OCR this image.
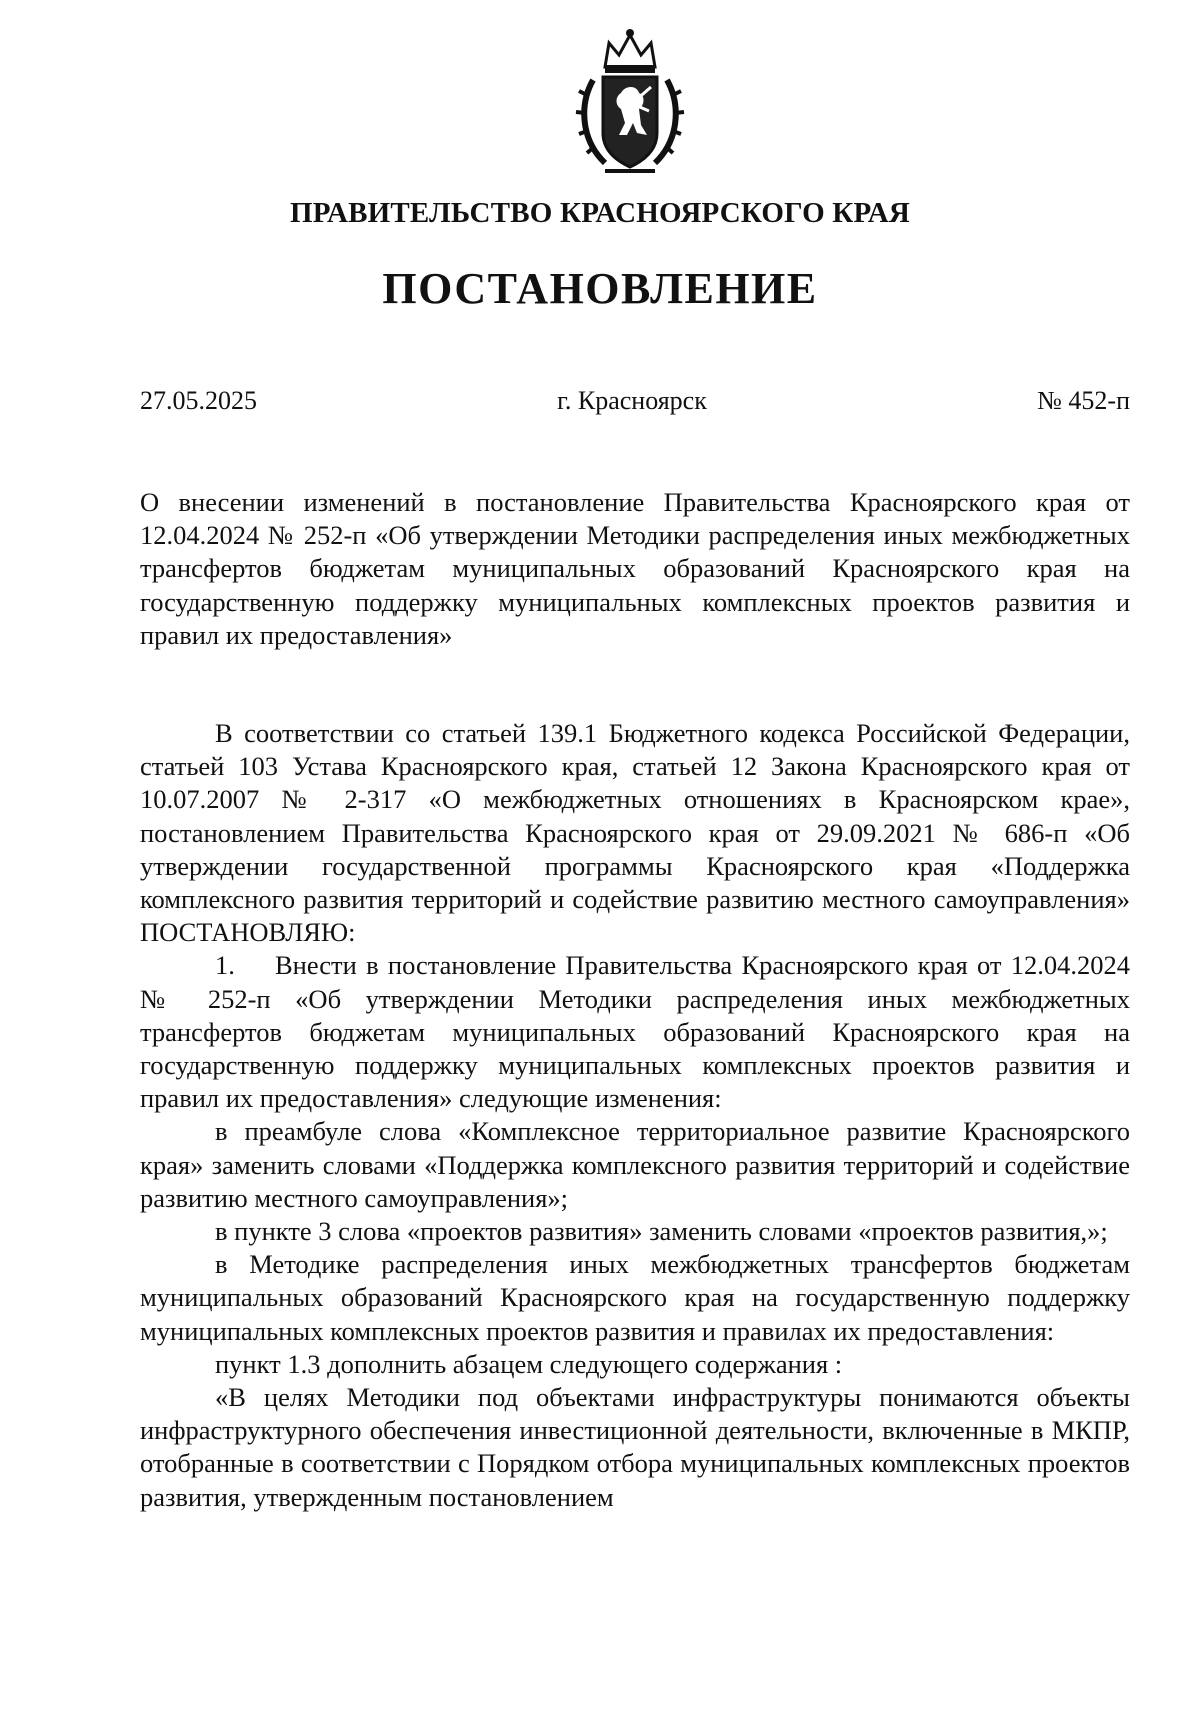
ПРАВИТЕЛЬСТВО КРАСНОЯРСКОГО КРАЯ
ПОСТАНОВЛЕНИЕ
27.05.2025	г. Красноярск	№ 452-п

О внесении изменений в постановление Правительства Красноярского края от 12.04.2024 № 252-п «Об утверждении Методики распределения иных межбюджетных трансфертов бюджетам муниципальных образований Красноярского края на государственную поддержку муниципальных комплексных проектов развития и правил их предоставления»

В соответствии со статьей 139.1 Бюджетного кодекса Российской Федерации, статьей 103 Устава Красноярского края, статьей 12 Закона Красноярского края от 10.07.2007 № 2-317 «О межбюджетных отношениях в Красноярском крае», постановлением Правительства Красноярского края от 29.09.2021 № 686-п «Об утверждении государственной программы Красноярского края «Поддержка комплексного развития территорий и содействие развитию местного самоуправления» ПОСТАНОВЛЯЮ:

1. Внести в постановление Правительства Красноярского края от 12.04.2024 № 252-п «Об утверждении Методики распределения иных межбюджетных трансфертов бюджетам муниципальных образований Красноярского края на государственную поддержку муниципальных комплексных проектов развития и правил их предоставления» следующие изменения:

в преамбуле слова «Комплексное территориальное развитие Красноярского края» заменить словами «Поддержка комплексного развития территорий и содействие развитию местного самоуправления»;

в пункте 3 слова «проектов развития» заменить словами «проектов развития,»;

в Методике распределения иных межбюджетных трансфертов бюджетам муниципальных образований Красноярского края на государственную поддержку муниципальных комплексных проектов развития и правилах их предоставления:

пункт 1.3 дополнить абзацем следующего содержания :

«В целях Методики под объектами инфраструктуры понимаются объекты инфраструктурного обеспечения инвестиционной деятельности, включенные в МКПР, отобранные в соответствии с Порядком отбора муниципальных комплексных проектов развития, утвержденным постановлением
